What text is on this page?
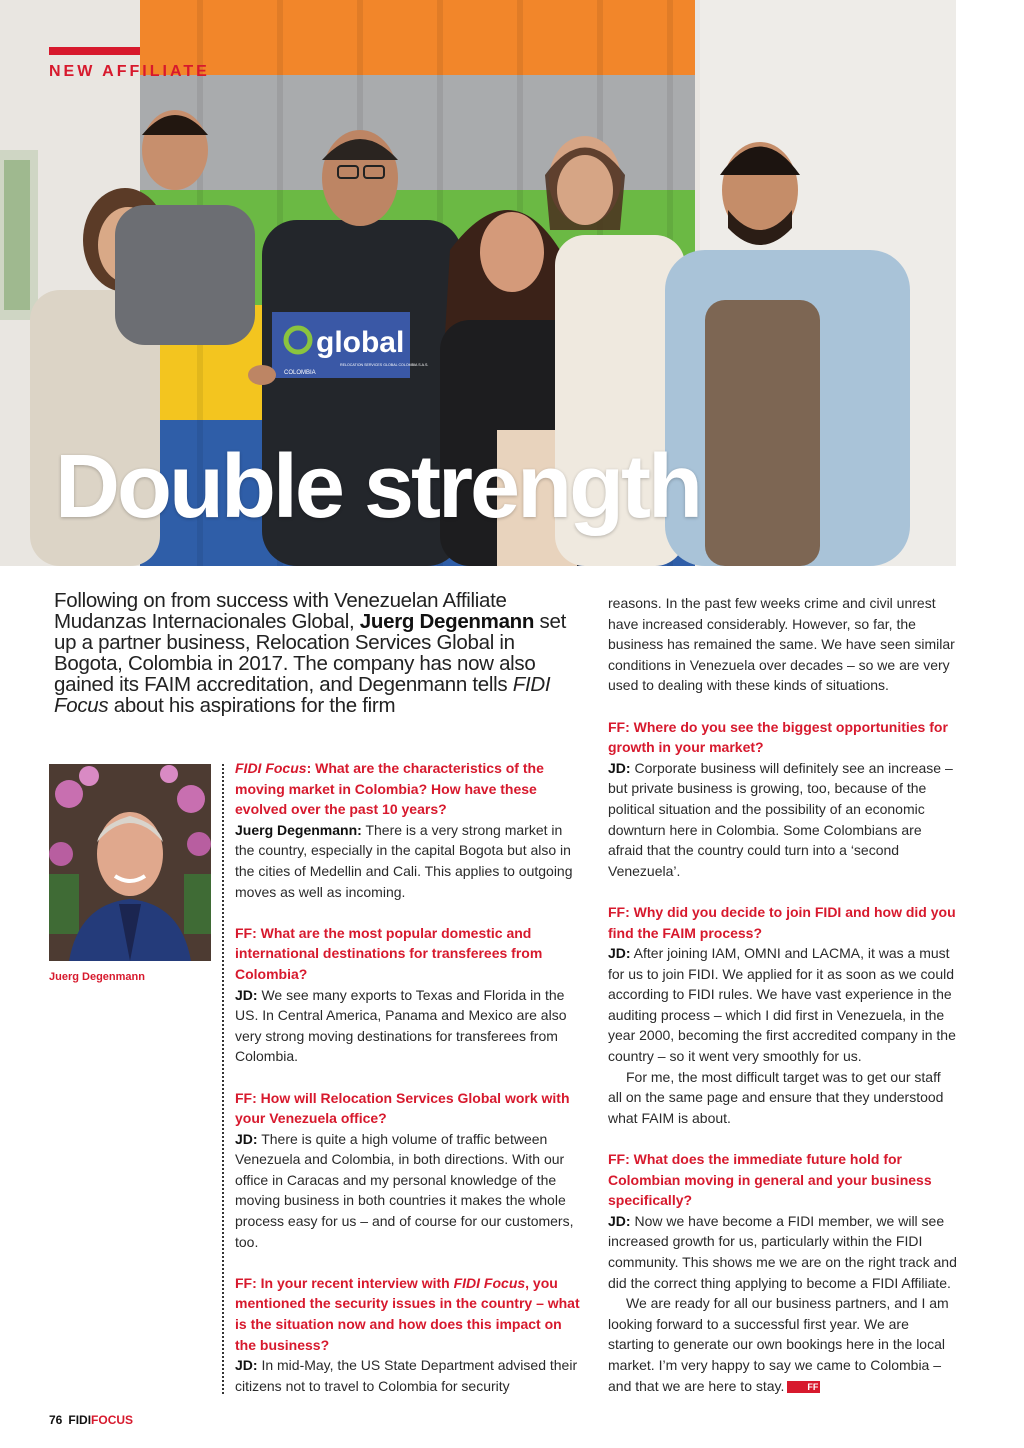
global
COLOMBIA
RELOCATION SERVICES GLOBAL COLOMBIA S.A.S.
NEW AFFILIATE
Double strength
Following on from success with Venezuelan Affiliate Mudanzas Internacionales Global, Juerg Degenmann set up a partner business, Relocation Services Global in Bogota, Colombia in 2017. The company has now also gained its FAIM accreditation, and Degenmann tells FIDI Focus about his aspirations for the firm
Juerg Degenmann

FIDI Focus: What are the characteristics of the moving market in Colombia? How have these evolved over the past 10 years?
Juerg Degenmann: There is a very strong market in the country, especially in the capital Bogota but also in the cities of Medellin and Cali. This applies to outgoing moves as well as incoming.

FF: What are the most popular domestic and international destinations for transferees from Colombia?
JD: We see many exports to Texas and Florida in the US. In Central America, Panama and Mexico are also very strong moving destinations for transferees from Colombia.

FF: How will Relocation Services Global work with your Venezuela office?
JD: There is quite a high volume of traffic between Venezuela and Colombia, in both directions. With our office in Caracas and my personal knowledge of the moving business in both countries it makes the whole process easy for us – and of course for our customers, too.

FF: In your recent interview with FIDI Focus, you mentioned the security issues in the country – what is the situation now and how does this impact on the business?
JD: In mid-May, the US State Department advised their citizens not to travel to Colombia for security

reasons. In the past few weeks crime and civil unrest have increased considerably. However, so far, the business has remained the same. We have seen similar conditions in Venezuela over decades – so we are very used to dealing with these kinds of situations.

FF: Where do you see the biggest opportunities for growth in your market?
JD: Corporate business will definitely see an increase – but private business is growing, too, because of the political situation and the possibility of an economic downturn here in Colombia. Some Colombians are afraid that the country could turn into a ‘second Venezuela’.

FF: Why did you decide to join FIDI and how did you find the FAIM process?
JD: After joining IAM, OMNI and LACMA, it was a must for us to join FIDI. We applied for it as soon as we could according to FIDI rules. We have vast experience in the auditing process – which I did first in Venezuela, in the year 2000, becoming the first accredited company in the country – so it went very smoothly for us.

For me, the most difficult target was to get our staff all on the same page and ensure that they understood what FAIM is about.

FF: What does the immediate future hold for Colombian moving in general and your business specifically?
JD: Now we have become a FIDI member, we will see increased growth for us, particularly within the FIDI community. This shows me we are on the right track and did the correct thing applying to become a FIDI Affiliate.

We are ready for all our business partners, and I am looking forward to a successful first year. We are starting to generate our own bookings here in the local market. I’m very happy to say we came to Colombia – and that we are here to stay.	FF

76 FIDIFOCUS
